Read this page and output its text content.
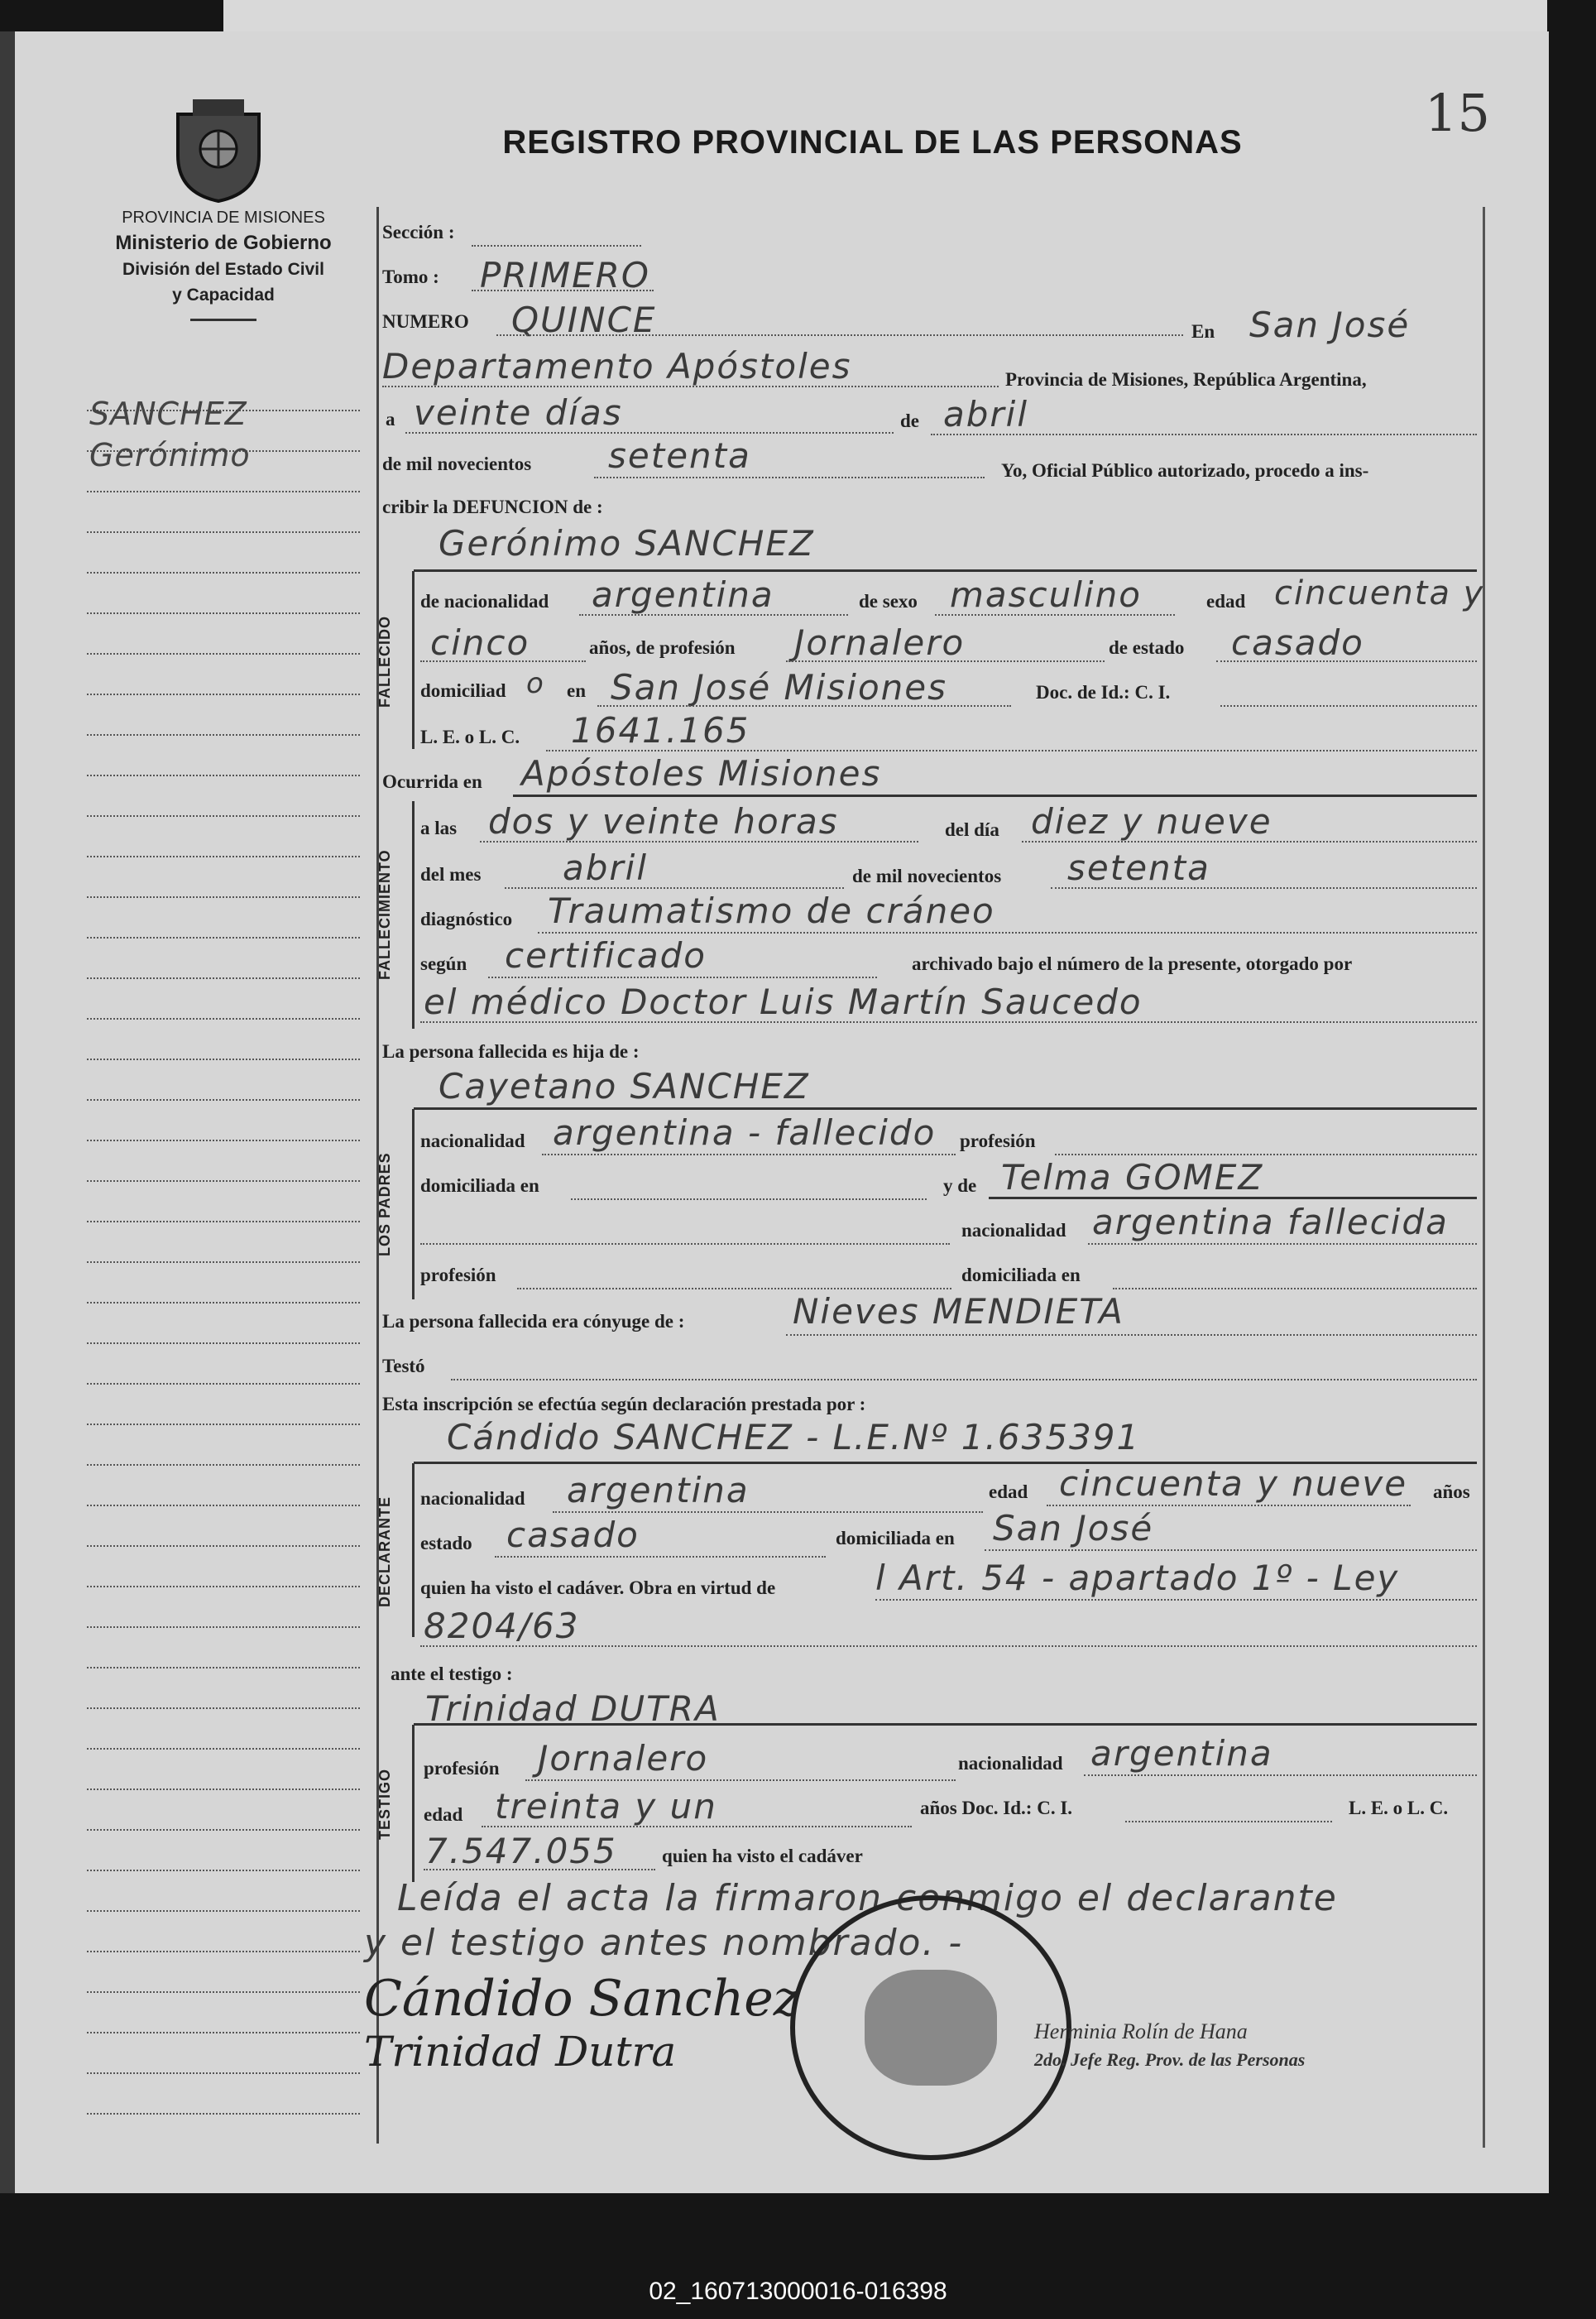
15
REGISTRO PROVINCIAL DE LAS PERSONAS
PROVINCIA DE MISIONES
Ministerio de Gobierno
División del Estado Civil
y Capacidad
SANCHEZ
Gerónimo
Sección :
Tomo : PRIMERO
NUMERO QUINCE	En San José
Departamento Apóstoles	Provincia de Misiones, República Argentina,
a veinte días	de abril
de mil novecientos setenta	Yo, Oficial Público autorizado, procedo a ins-
cribir la DEFUNCION de :
Gerónimo SANCHEZ
FALLECIDO
de nacionalidad argentina	de sexo masculino	edad cincuenta y
cinco	años, de profesión Jornalero	de estado casado
domiciliad o en San José Misiones	Doc. de Id.: C. I.
L. E. o L. C. 1641.165
Ocurrida en Apóstoles Misiones
FALLECIMIENTO
a las dos y veinte horas	del día diez y nueve
del mes abril	de mil novecientos setenta
diagnóstico Traumatismo de cráneo
según certificado	archivado bajo el número de la presente, otorgado por
el médico Doctor Luis Martín Saucedo
La persona fallecida es hija de :
Cayetano SANCHEZ
LOS PADRES
nacionalidad argentina - fallecido profesión
domiciliada en	y de Telma GOMEZ
nacionalidad argentina fallecida
profesión	domiciliada en
La persona fallecida era cónyuge de :	Nieves MENDIETA
Testó
Esta inscripción se efectúa según declaración prestada por :
Cándido SANCHEZ - L.E.Nº 1.635391
DECLARANTE	nacionalidad argentina	edad cincuenta y nueve años
estado casado	domiciliada en San José
quien ha visto el cadáver. Obra en virtud de	l Art. 54 - apartado 1º - Ley
8204/63
ante el testigo :
Trinidad DUTRA
TESTIGO
profesión Jornalero	nacionalidad argentina
edad treinta y un	años Doc. Id.: C. I.	L. E. o L. C.
7.547.055 quien ha visto el cadáver
Leída el acta la firmaron conmigo el declarante
y el testigo antes nombrado. -
Cándido Sanchez
Trinidad Dutra	Herminia Rolín de Hana
2do. Jefe Reg. Prov. de las Personas
02_160713000016-016398
